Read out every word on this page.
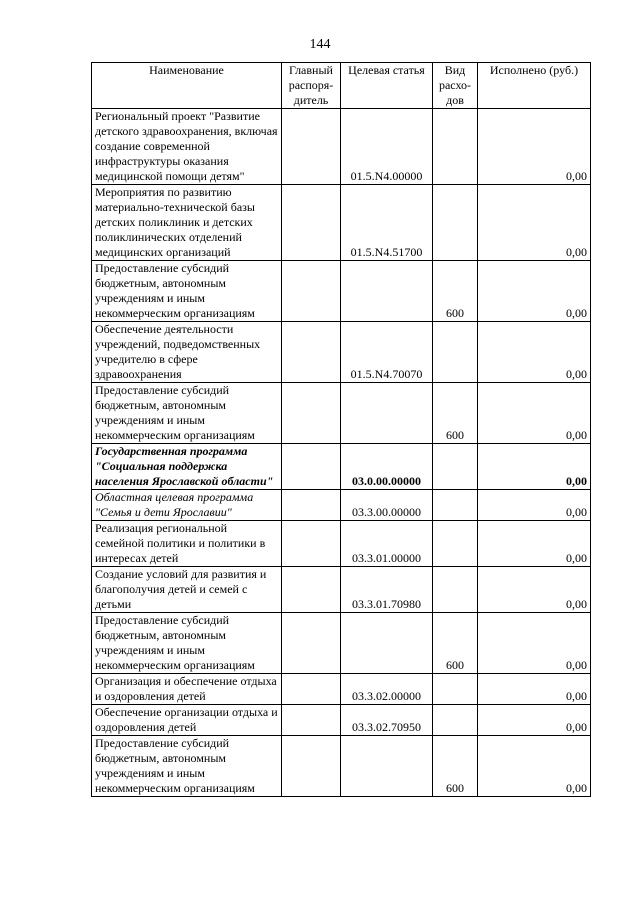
144
Наименование	Главный распоря-дитель	Целевая статья	Вид расхо-дов	Исполнено (руб.)
Региональный проект "Развитие детского здравоохранения, включая создание современной инфраструктуры оказания медицинской помощи детям"		01.5.N4.00000		0,00
Мероприятия по развитию материально-технической базы детских поликлиник и детских поликлинических отделений медицинских организаций		01.5.N4.51700		0,00
Предоставление субсидий бюджетным, автономным учреждениям и иным некоммерческим организациям			600	0,00
Обеспечение деятельности учреждений, подведомственных учредителю в сфере здравоохранения		01.5.N4.70070		0,00
Предоставление субсидий бюджетным, автономным учреждениям и иным некоммерческим организациям			600	0,00
Государственная программа "Социальная поддержка населения Ярославской области"		03.0.00.00000		0,00
Областная целевая программа "Семья и дети Ярославии"		03.3.00.00000		0,00
Реализация региональной семейной политики и политики в интересах детей		03.3.01.00000		0,00
Создание условий для развития и благополучия детей и семей с детьми		03.3.01.70980		0,00
Предоставление субсидий бюджетным, автономным учреждениям и иным некоммерческим организациям			600	0,00
Организация и обеспечение отдыха и оздоровления детей		03.3.02.00000		0,00
Обеспечение организации отдыха и оздоровления детей		03.3.02.70950		0,00
Предоставление субсидий бюджетным, автономным учреждениям и иным некоммерческим организациям			600	0,00
